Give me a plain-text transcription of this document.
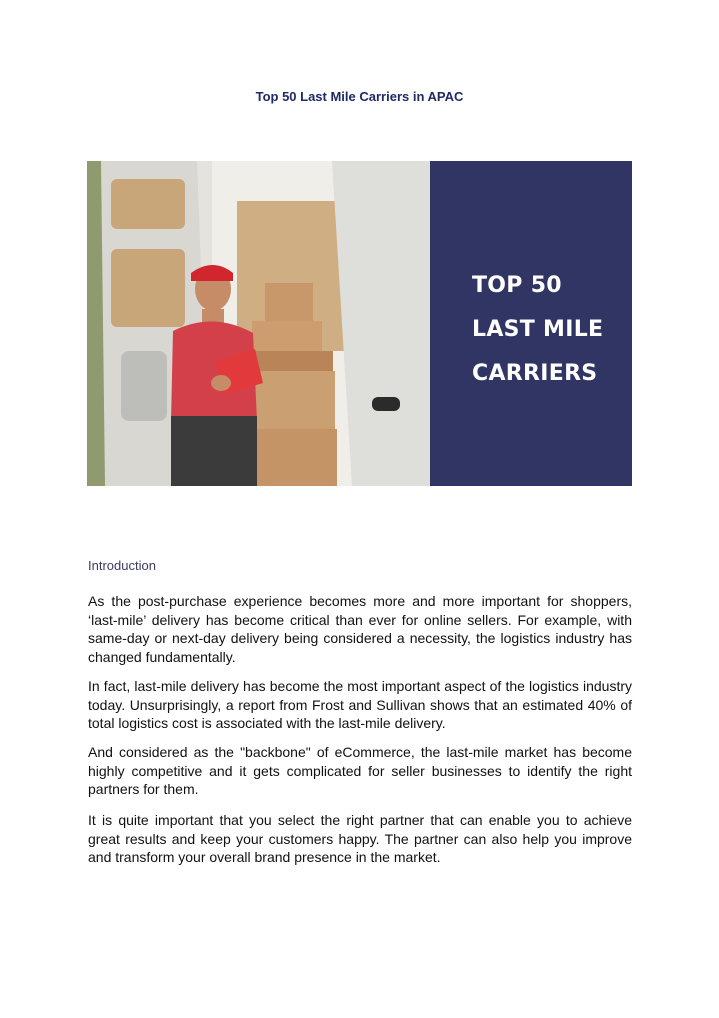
Top 50 Last Mile Carriers in APAC
TOP 50
LAST MILE
CARRIERS
Introduction

As the post-purchase experience becomes more and more important for shoppers, ‘last-mile’ delivery has become critical than ever for online sellers. For example, with same-day or next-day delivery being considered a necessity, the logistics industry has changed fundamentally.

In fact, last-mile delivery has become the most important aspect of the logistics industry today. Unsurprisingly, a report from Frost and Sullivan shows that an estimated 40% of total logistics cost is associated with the last-mile delivery.

And considered as the "backbone" of eCommerce, the last-mile market has become highly competitive and it gets complicated for seller businesses to identify the right partners for them.

It is quite important that you select the right partner that can enable you to achieve great results and keep your customers happy. The partner can also help you improve and transform your overall brand presence in the market.
